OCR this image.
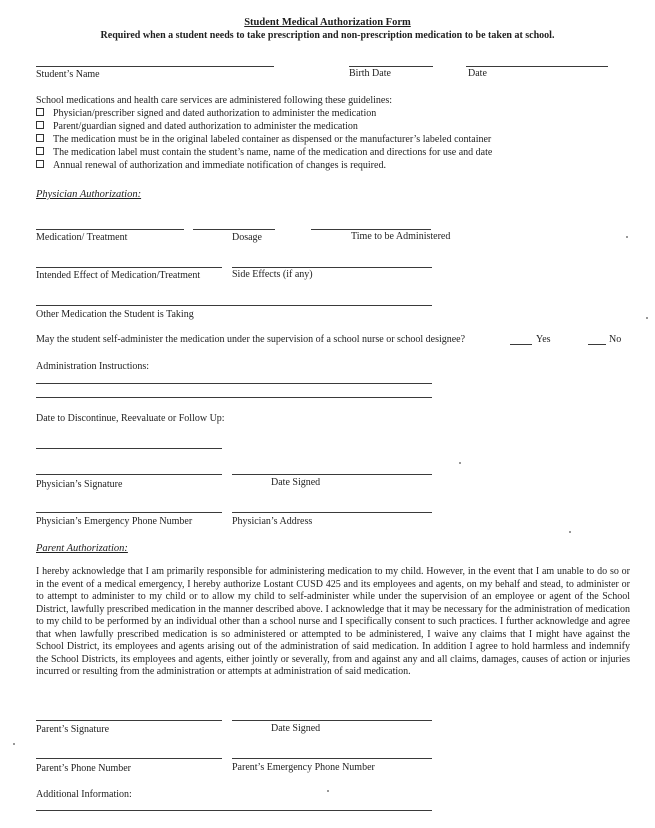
Student Medical Authorization Form
Required when a student needs to take prescription and non-prescription medication to be taken at school.
Student’s Name	Birth Date	Date
School medications and health care services are administered following these guidelines:
Physician/prescriber signed and dated authorization to administer the medication
Parent/guardian signed and dated authorization to administer the medication
The medication must be in the original labeled container as dispensed or the manufacturer’s labeled container
The medication label must contain the student’s name, name of the medication and directions for use and date
Annual renewal of authorization and immediate notification of changes is required.
Physician Authorization:
Medication/ Treatment	Dosage	Time to be Administered
Intended Effect of Medication/Treatment	Side Effects (if any)
Other Medication the Student is Taking
May the student self-administer the medication under the supervision of a school nurse or school designee?	Yes	No
Administration Instructions:
Date to Discontinue, Reevaluate or Follow Up:
Physician’s Signature	Date Signed
Physician’s Emergency Phone Number	Physician’s Address
Parent Authorization:
I hereby acknowledge that I am primarily responsible for administering medication to my child. However, in the event that I am unable to do so or in the event of a medical emergency, I hereby authorize Lostant CUSD 425 and its employees and agents, on my behalf and stead, to administer or to attempt to administer to my child or to allow my child to self-administer while under the supervision of an employee or agent of the School District, lawfully prescribed medication in the manner described above. I acknowledge that it may be necessary for the administration of medication to my child to be performed by an individual other than a school nurse and I specifically consent to such practices. I further acknowledge and agree that when lawfully prescribed medication is so administered or attempted to be administered, I waive any claims that I might have against the School District, its employees and agents arising out of the administration of said medication. In addition I agree to hold harmless and indemnify the School Districts, its employees and agents, either jointly or severally, from and against any and all claims, damages, causes of action or injuries incurred or resulting from the administration or attempts at administration of said medication.
Parent’s Signature	Date Signed
Parent’s Phone Number	Parent’s Emergency Phone Number
Additional Information:
